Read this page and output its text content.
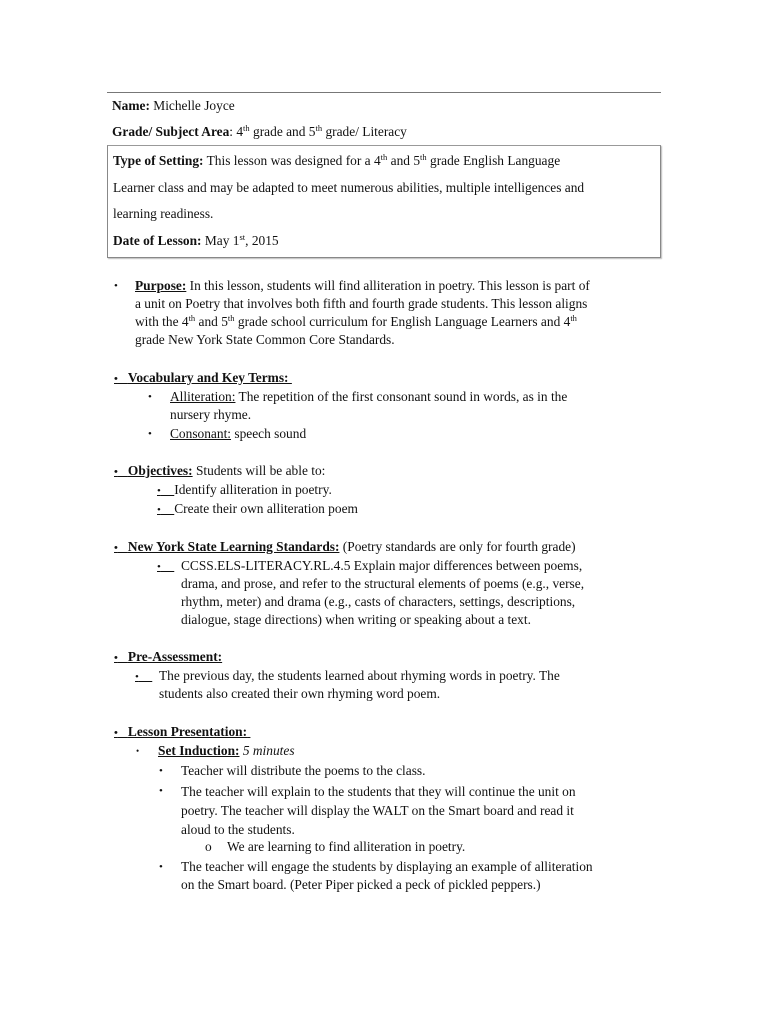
Name: Michelle Joyce
Grade/ Subject Area: 4th grade and 5th grade/ Literacy
Type of Setting: This lesson was designed for a 4th and 5th grade English Language
Learner class and may be adapted to meet numerous abilities, multiple intelligences and
learning readiness.
Date of Lesson: May 1st, 2015
• Purpose: In this lesson, students will find alliteration in poetry. This lesson is part of
a unit on Poetry that involves both fifth and fourth grade students. This lesson aligns
with the 4th and 5th grade school curriculum for English Language Learners and 4th
grade New York State Common Core Standards.
• Vocabulary and Key Terms:
• Alliteration: The repetition of the first consonant sound in words, as in the
nursery rhyme.
• Consonant: speech sound
• Objectives: Students will be able to:
• Identify alliteration in poetry.
• Create their own alliteration poem
• New York State Learning Standards: (Poetry standards are only for fourth grade)
•	CCSS.ELS-LITERACY.RL.4.5 Explain major differences between poems,
drama, and prose, and refer to the structural elements of poems (e.g., verse,
rhythm, meter) and drama (e.g., casts of characters, settings, descriptions,
dialogue, stage directions) when writing or speaking about a text.
• Pre-Assessment:
•	The previous day, the students learned about rhyming words in poetry. The
students also created their own rhyming word poem.
• Lesson Presentation:
• Set Induction: 5 minutes
• Teacher will distribute the poems to the class.
• The teacher will explain to the students that they will continue the unit on
poetry. The teacher will display the WALT on the Smart board and read it
aloud to the students.
o We are learning to find alliteration in poetry.
• The teacher will engage the students by displaying an example of alliteration
on the Smart board. (Peter Piper picked a peck of pickled peppers.)
